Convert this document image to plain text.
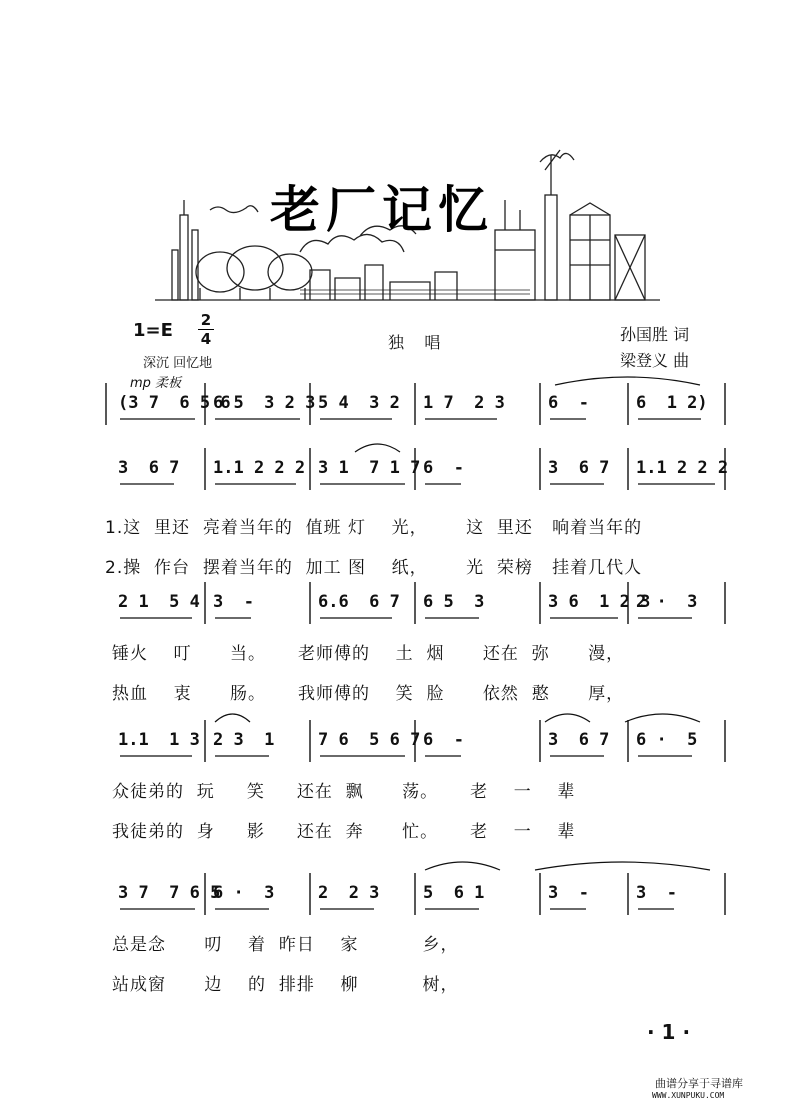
老厂记忆
1=E	2
4	独    唱	孙国胜 词
梁登义 曲
深沉 回忆地
mp 柔板
(3 7  6 5 6
6 5  3 2 3 5 4  3 2 1 7  2 3	6  -	6  1 2)
3  6 7 1.1 2 2 2 3 1  7 1 7 6  -	3  6 7 1.1 2 2 2
1.这  里还  亮着当年的  值班 灯    光，      这  里还   响着当年的
2.操  作台  摆着当年的  加工 图    纸，      光  荣榜   挂着几代人
2 1  5 4 3  -	6.6  6 7 6 5  3	3 6  1 2 3
2 ·  3
锤火    叮      当。     老师傅的    土  烟      还在  弥      漫，
热血    衷      肠。     我师傅的    笑  脸      依然  憨      厚，
1.1  1 3 2 3  1	7 6  5 6 7 6  -	3  6 7 6 ·  5
众徒弟的  玩     笑     还在  飘      荡。     老    一    辈
我徒弟的  身     影     还在  奔      忙。     老    一    辈
3 7  7 6 5
6 ·  3	2  2 3	5  6 1	3  -	3  -
总是念      叨    着  昨日    家          乡，
站成窗      边    的  排排    柳          树，
· 1 ·
曲谱分享于寻谱库
WWW.XUNPUKU.COM
